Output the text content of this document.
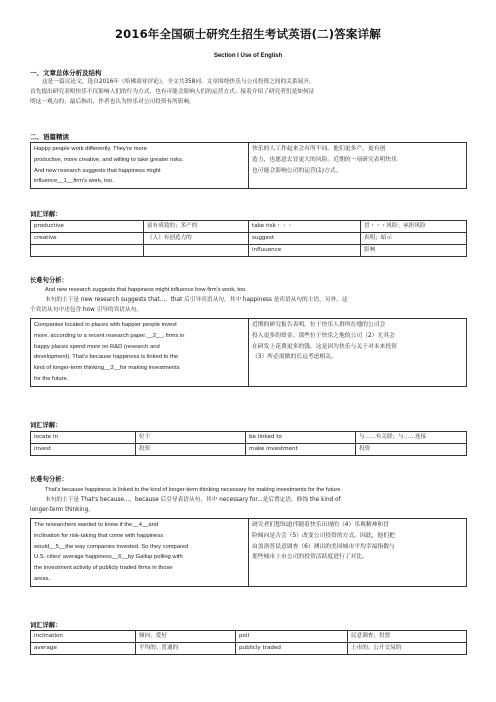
2016年全国硕士研究生招生考试英语(二)答案详解
Section I Use of English
一、文章总体分析及结构
这是一篇议论文，选自2016年《哈佛商业评论》，全文共358词。文章围绕快乐与公司投资之间的关系展开。
首先提出研究表明快乐不仅影响人们的行为方式，也有可能会影响人们的运营方式；接着介绍了研究者们是如何证
明这一观点的；最后指出，作者也认为快乐对公司投资有所影响。
二、语篇精读
Happy people work differently. They're more
productive, more creative, and willing to take greater risks.
And new research suggests that happiness might
influence__1__firm's work, too.

快乐的人工作起来会有所不同。他们更多产，更有创
造力，也愿意去冒更大的风险。近期的一项研究表明快乐
也可能会影响公司的运营(1)方式。
词汇详解：
productive	富有成效的；多产的	take risk・・・	冒・・・风险；承担风险
creative	（人）有创造力的	suggest	表明；暗示
		influuence	影响
长难句分析：
And new research suggests that happiness might influence how firm's work, too.
本句的主干是 new research suggests that...，that 后引导宾语从句，其中 happiness 是宾语从句的主语，另外，这
个宾语从句中还包含 how 引导的宾语从句。
Companies located in places with happier people invest
more, according to a recent research paper.__2__, firms in
happy places spend more on R&D (research and
development). That's because happiness is linked to the
kind of longer-term thinking__3__for making investments
for the future.

近期的研究报告表明，位于快乐人群所在地的公司会
投入更多的资金。那些位于快乐之地的公司（2）尤其会
在研发上花费更多的钱。这是因为快乐与关于对未来投资
（3）所必需做的长远考虑相关。
词汇详解：
locate in	位于	be linked to	与……有关联；与……连接
invest	投资	make investment	投资
长难句分析：
That's because happiness is linked to the kind of longer-term thinking necessary for making investments for the future.
本句的主干是 That's because...，because 后引导表语从句，其中 necessary for...是后置定语，修饰 the kind of
longer-term thinking。
The researchers wanted to know if the__4__and
inclination for risk-taking that come with happiness
would__5__the way companies invested. So they compared
U.S. cities' average happiness__6__by Gallup polling with
the investment activity of publicly traded firms in those
areas.

研究者们想知道伴随着快乐出现的（4）乐观精神和冒
险倾向是否会（5）改变公司投资的方式。因此，他们把
由盖洛普民意调查（6）测出的美国城市平均幸福指数与
那些城市上市公司的投资活跃度进行了对比。
词汇详解：
inclination	倾向，爱好	poll	民意调查；投票
average	平均的；普通的	publicly traded	上市的；公开交易的
